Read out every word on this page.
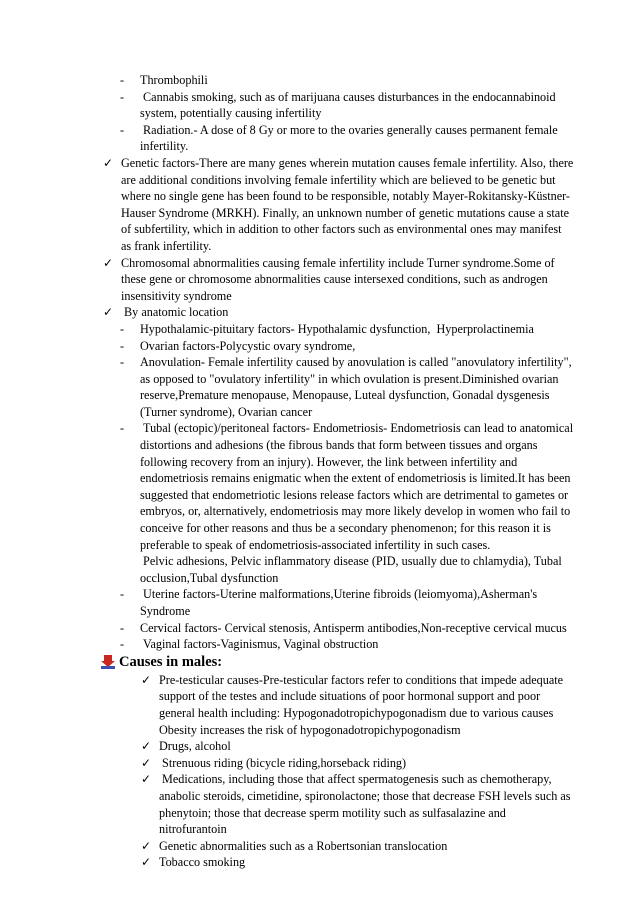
- Thrombophili
- Cannabis smoking, such as of marijuana causes disturbances in the endocannabinoid
system, potentially causing infertility
- Radiation.- A dose of 8 Gy or more to the ovaries generally causes permanent female
infertility.
✓ Genetic factors-There are many genes wherein mutation causes female infertility. Also, there
are additional conditions involving female infertility which are believed to be genetic but
where no single gene has been found to be responsible, notably Mayer-Rokitansky-Küstner-
Hauser Syndrome (MRKH). Finally, an unknown number of genetic mutations cause a state
of subfertility, which in addition to other factors such as environmental ones may manifest
as frank infertility.
✓ Chromosomal abnormalities causing female infertility include Turner syndrome.Some of
these gene or chromosome abnormalities cause intersexed conditions, such as androgen
insensitivity syndrome
✓ By anatomic location
- Hypothalamic-pituitary factors- Hypothalamic dysfunction,  Hyperprolactinemia
- Ovarian factors-Polycystic ovary syndrome,
- Anovulation- Female infertility caused by anovulation is called "anovulatory infertility",
as opposed to "ovulatory infertility" in which ovulation is present.Diminished ovarian
reserve,Premature menopause, Menopause, Luteal dysfunction, Gonadal dysgenesis
(Turner syndrome), Ovarian cancer
- Tubal (ectopic)/peritoneal factors- Endometriosis- Endometriosis can lead to anatomical
distortions and adhesions (the fibrous bands that form between tissues and organs
following recovery from an injury). However, the link between infertility and
endometriosis remains enigmatic when the extent of endometriosis is limited.It has been
suggested that endometriotic lesions release factors which are detrimental to gametes or
embryos, or, alternatively, endometriosis may more likely develop in women who fail to
conceive for other reasons and thus be a secondary phenomenon; for this reason it is
preferable to speak of endometriosis-associated infertility in such cases.
Pelvic adhesions, Pelvic inflammatory disease (PID, usually due to chlamydia), Tubal
occlusion,Tubal dysfunction
- Uterine factors-Uterine malformations,Uterine fibroids (leiomyoma),Asherman's
Syndrome
- Cervical factors- Cervical stenosis, Antisperm antibodies,Non-receptive cervical mucus
- Vaginal factors-Vaginismus, Vaginal obstruction
Causes in males:
✓ Pre-testicular causes-Pre-testicular factors refer to conditions that impede adequate
support of the testes and include situations of poor hormonal support and poor
general health including: Hypogonadotropichypogonadism due to various causes
Obesity increases the risk of hypogonadotropichypogonadism
✓ Drugs, alcohol
✓ Strenuous riding (bicycle riding,horseback riding)
✓ Medications, including those that affect spermatogenesis such as chemotherapy,
anabolic steroids, cimetidine, spironolactone; those that decrease FSH levels such as
phenytoin; those that decrease sperm motility such as sulfasalazine and
nitrofurantoin
✓ Genetic abnormalities such as a Robertsonian translocation
✓ Tobacco smoking
